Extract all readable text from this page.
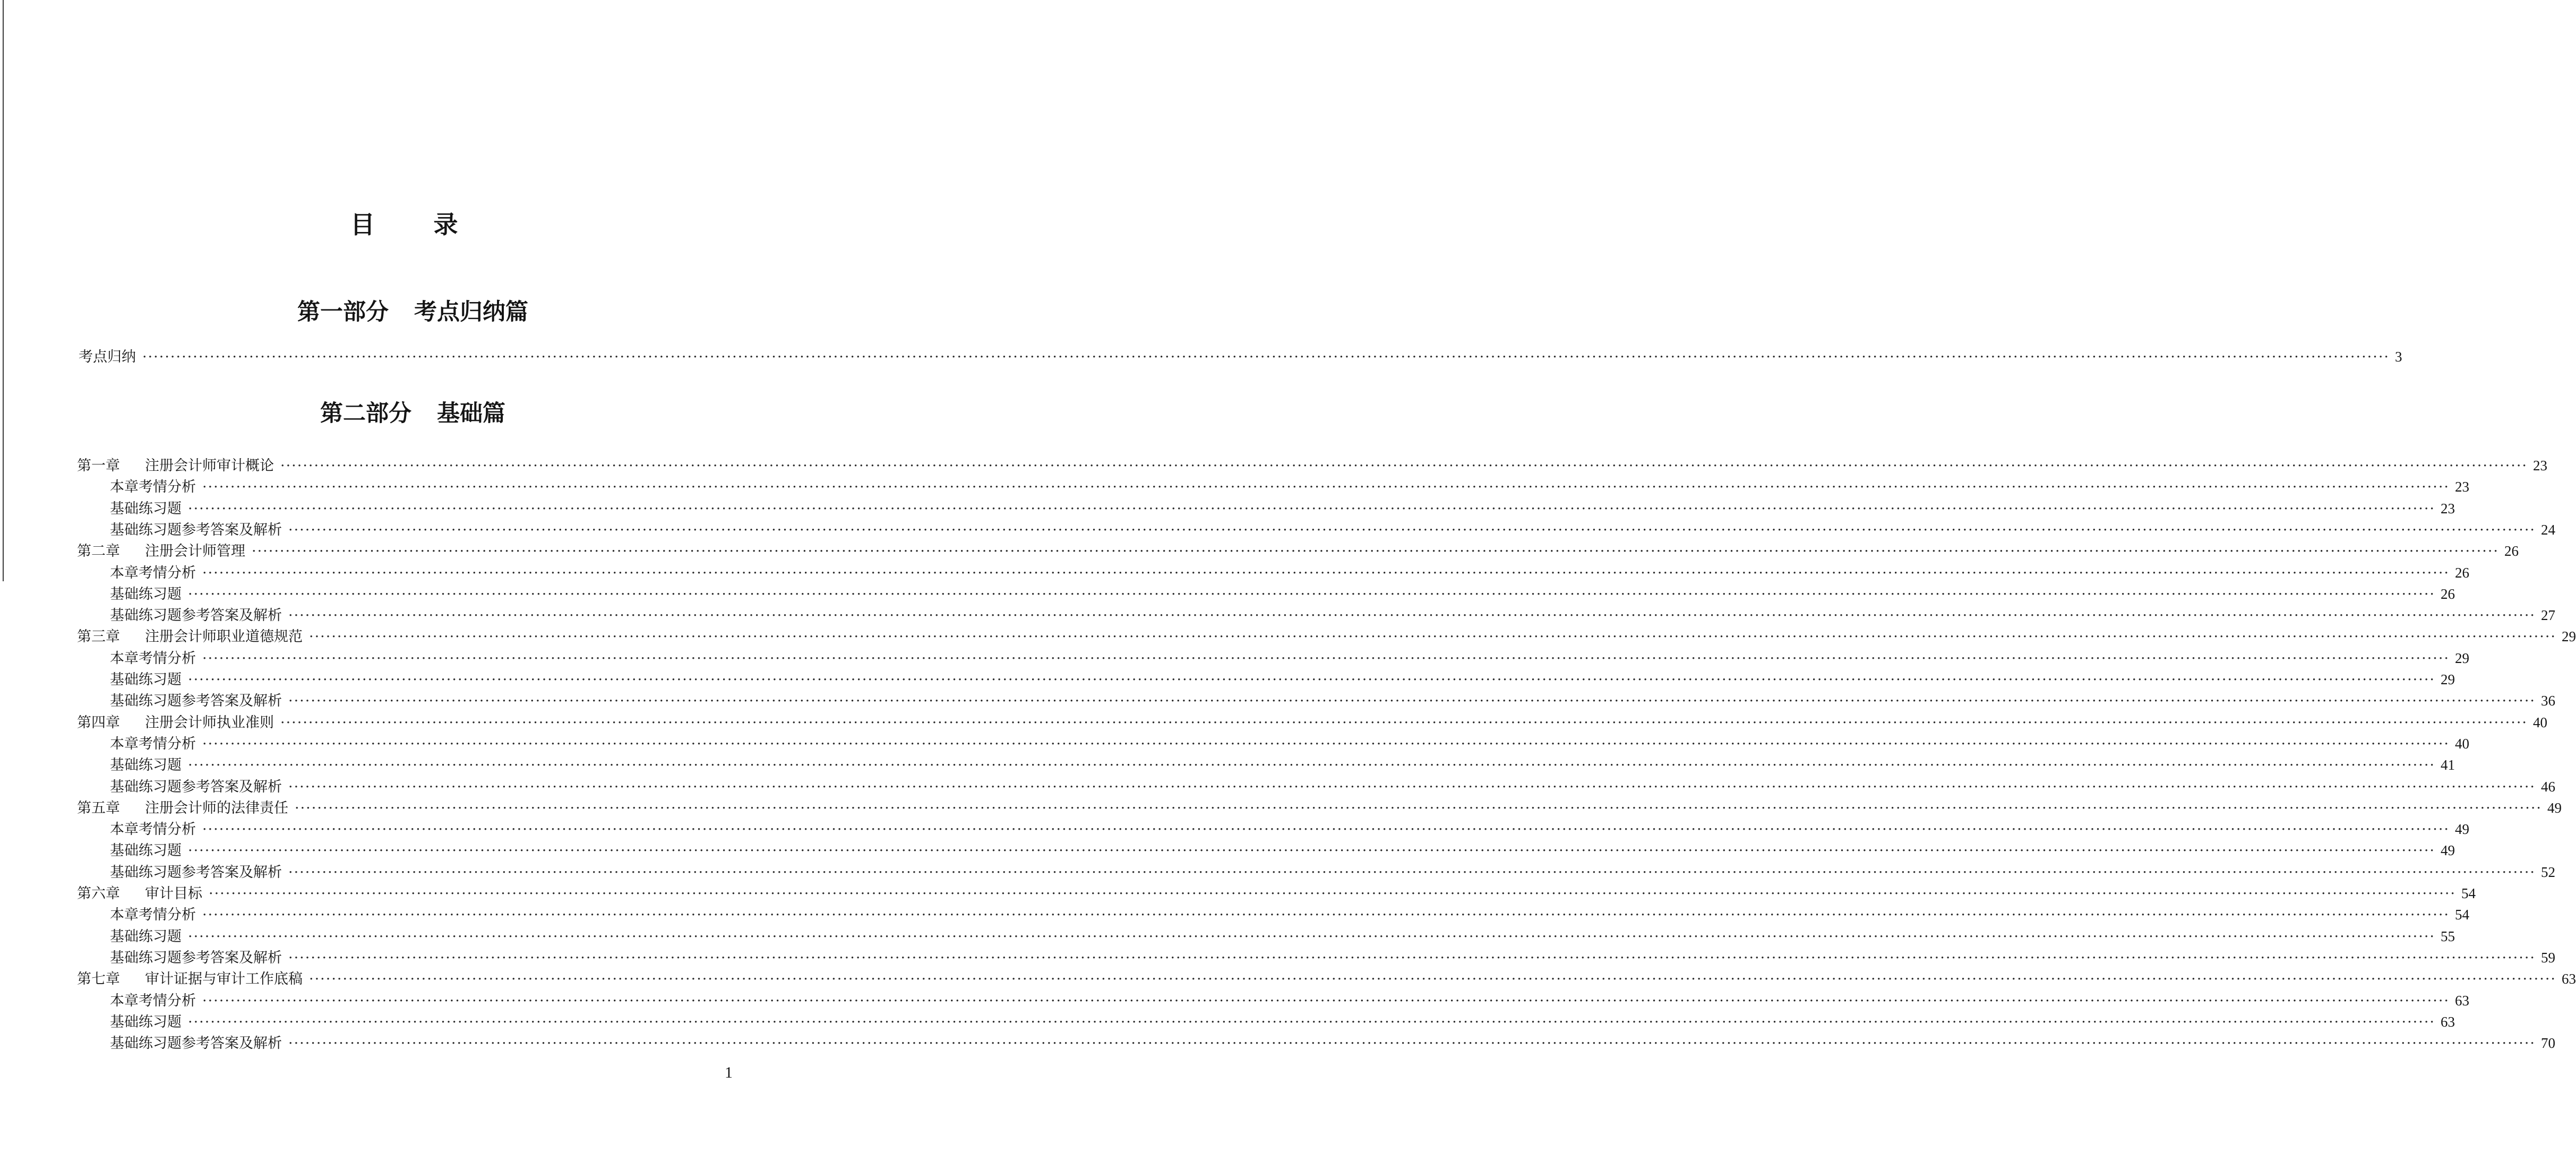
目 录
第一部分 考点归纳篇
考点归纳 ················································································································································································································································································································································································································ 3
第二部分 基础篇
第一章 注册会计师审计概论 ················································································································································································································································································································································································································ 23
本章考情分析 ················································································································································································································································································································································································································ 23
基础练习题 ················································································································································································································································································································································································································ 23
基础练习题参考答案及解析 ················································································································································································································································································································································································································ 24
第二章 注册会计师管理 ················································································································································································································································································································································································································ 26
本章考情分析 ················································································································································································································································································································································································································ 26
基础练习题 ················································································································································································································································································································································································································ 26
基础练习题参考答案及解析 ················································································································································································································································································································································································································ 27
第三章 注册会计师职业道德规范 ················································································································································································································································································································································································································ 29
本章考情分析 ················································································································································································································································································································································································································ 29
基础练习题 ················································································································································································································································································································································································································ 29
基础练习题参考答案及解析 ················································································································································································································································································································································································································ 36
第四章 注册会计师执业准则 ················································································································································································································································································································································································································ 40
本章考情分析 ················································································································································································································································································································································································································ 40
基础练习题 ················································································································································································································································································································································································································ 41
基础练习题参考答案及解析 ················································································································································································································································································································································································································ 46
第五章 注册会计师的法律责任 ················································································································································································································································································································································································································ 49
本章考情分析 ················································································································································································································································································································································································································ 49
基础练习题 ················································································································································································································································································································································································································ 49
基础练习题参考答案及解析 ················································································································································································································································································································································································································ 52
第六章 审计目标 ················································································································································································································································································································································································································ 54
本章考情分析 ················································································································································································································································································································································································································ 54
基础练习题 ················································································································································································································································································································································································································ 55
基础练习题参考答案及解析 ················································································································································································································································································································································································································ 59
第七章 审计证据与审计工作底稿 ················································································································································································································································································································································································································ 63
本章考情分析 ················································································································································································································································································································································································································ 63
基础练习题 ················································································································································································································································································································································································································ 63
基础练习题参考答案及解析 ················································································································································································································································································································································································································ 70
1
